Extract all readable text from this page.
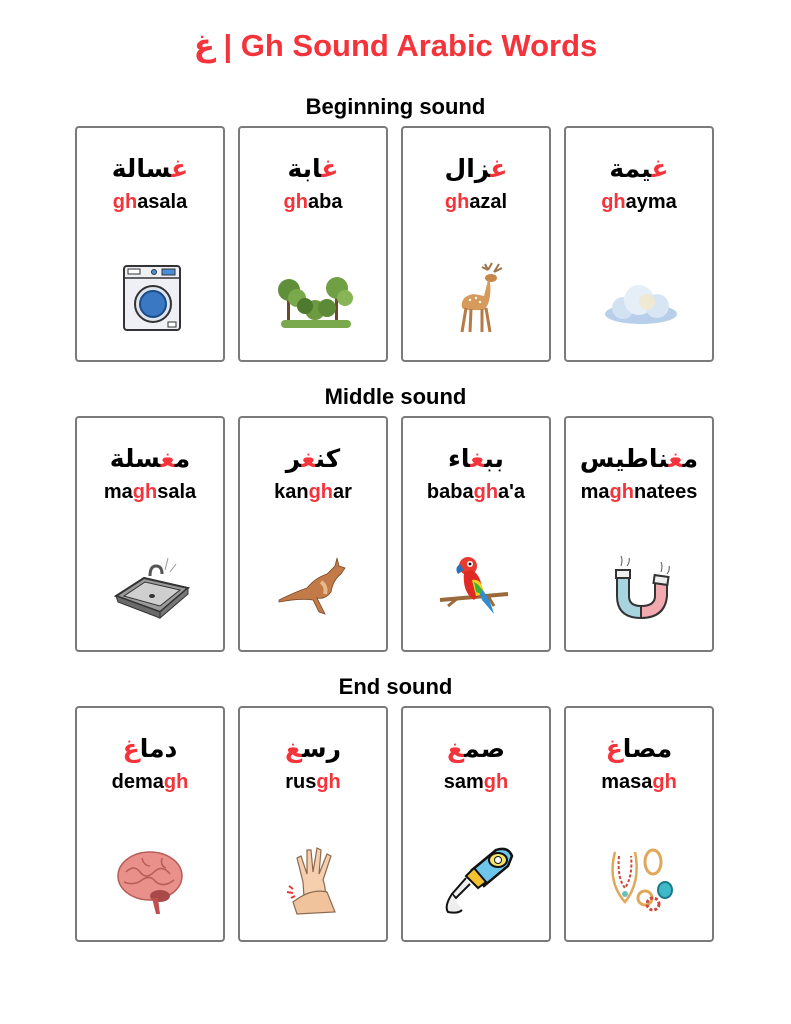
غ | Gh Sound Arabic Words
Beginning sound
غسالة
ghasala
غابة
ghaba
غزال
ghazal
غيمة
ghayma
Middle sound
مغسلة
maghsala
كنغر
kanghar
ببغاء
babagha'a
مغناطيس
maghnatees
End sound
دماغ
demagh
رسغ
rusgh
صمغ
samgh
مصاغ
masagh
